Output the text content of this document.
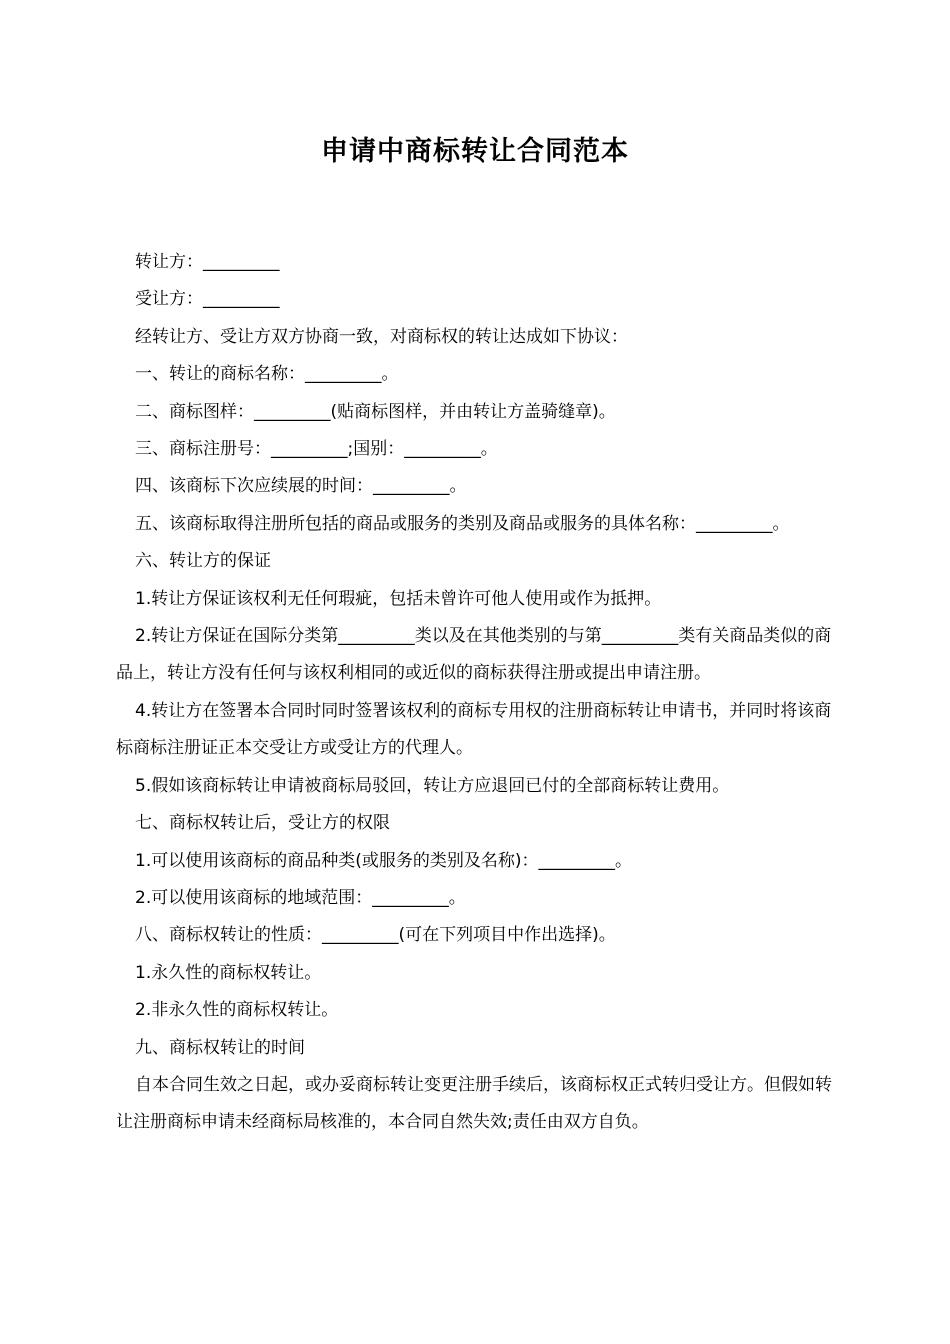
申请中商标转让合同范本

转让方：_________

受让方：_________

经转让方、受让方双方协商一致，对商标权的转让达成如下协议：

一、转让的商标名称：_________。

二、商标图样：_________(贴商标图样，并由转让方盖骑缝章)。

三、商标注册号：_________;国别：_________。

四、该商标下次应续展的时间：_________。

五、该商标取得注册所包括的商品或服务的类别及商品或服务的具体名称：_________。

六、转让方的保证

1.转让方保证该权利无任何瑕疵，包括未曾许可他人使用或作为抵押。

2.转让方保证在国际分类第_________类以及在其他类别的与第_________类有关商品类似的商品上，转让方没有任何与该权利相同的或近似的商标获得注册或提出申请注册。

4.转让方在签署本合同时同时签署该权利的商标专用权的注册商标转让申请书，并同时将该商标商标注册证正本交受让方或受让方的代理人。

5.假如该商标转让申请被商标局驳回，转让方应退回已付的全部商标转让费用。

七、商标权转让后，受让方的权限

1.可以使用该商标的商品种类(或服务的类别及名称)：_________。

2.可以使用该商标的地域范围：_________。

八、商标权转让的性质：_________(可在下列项目中作出选择)。

1.永久性的商标权转让。

2.非永久性的商标权转让。

九、商标权转让的时间

自本合同生效之日起，或办妥商标转让变更注册手续后，该商标权正式转归受让方。但假如转让注册商标申请未经商标局核准的，本合同自然失效;责任由双方自负。
